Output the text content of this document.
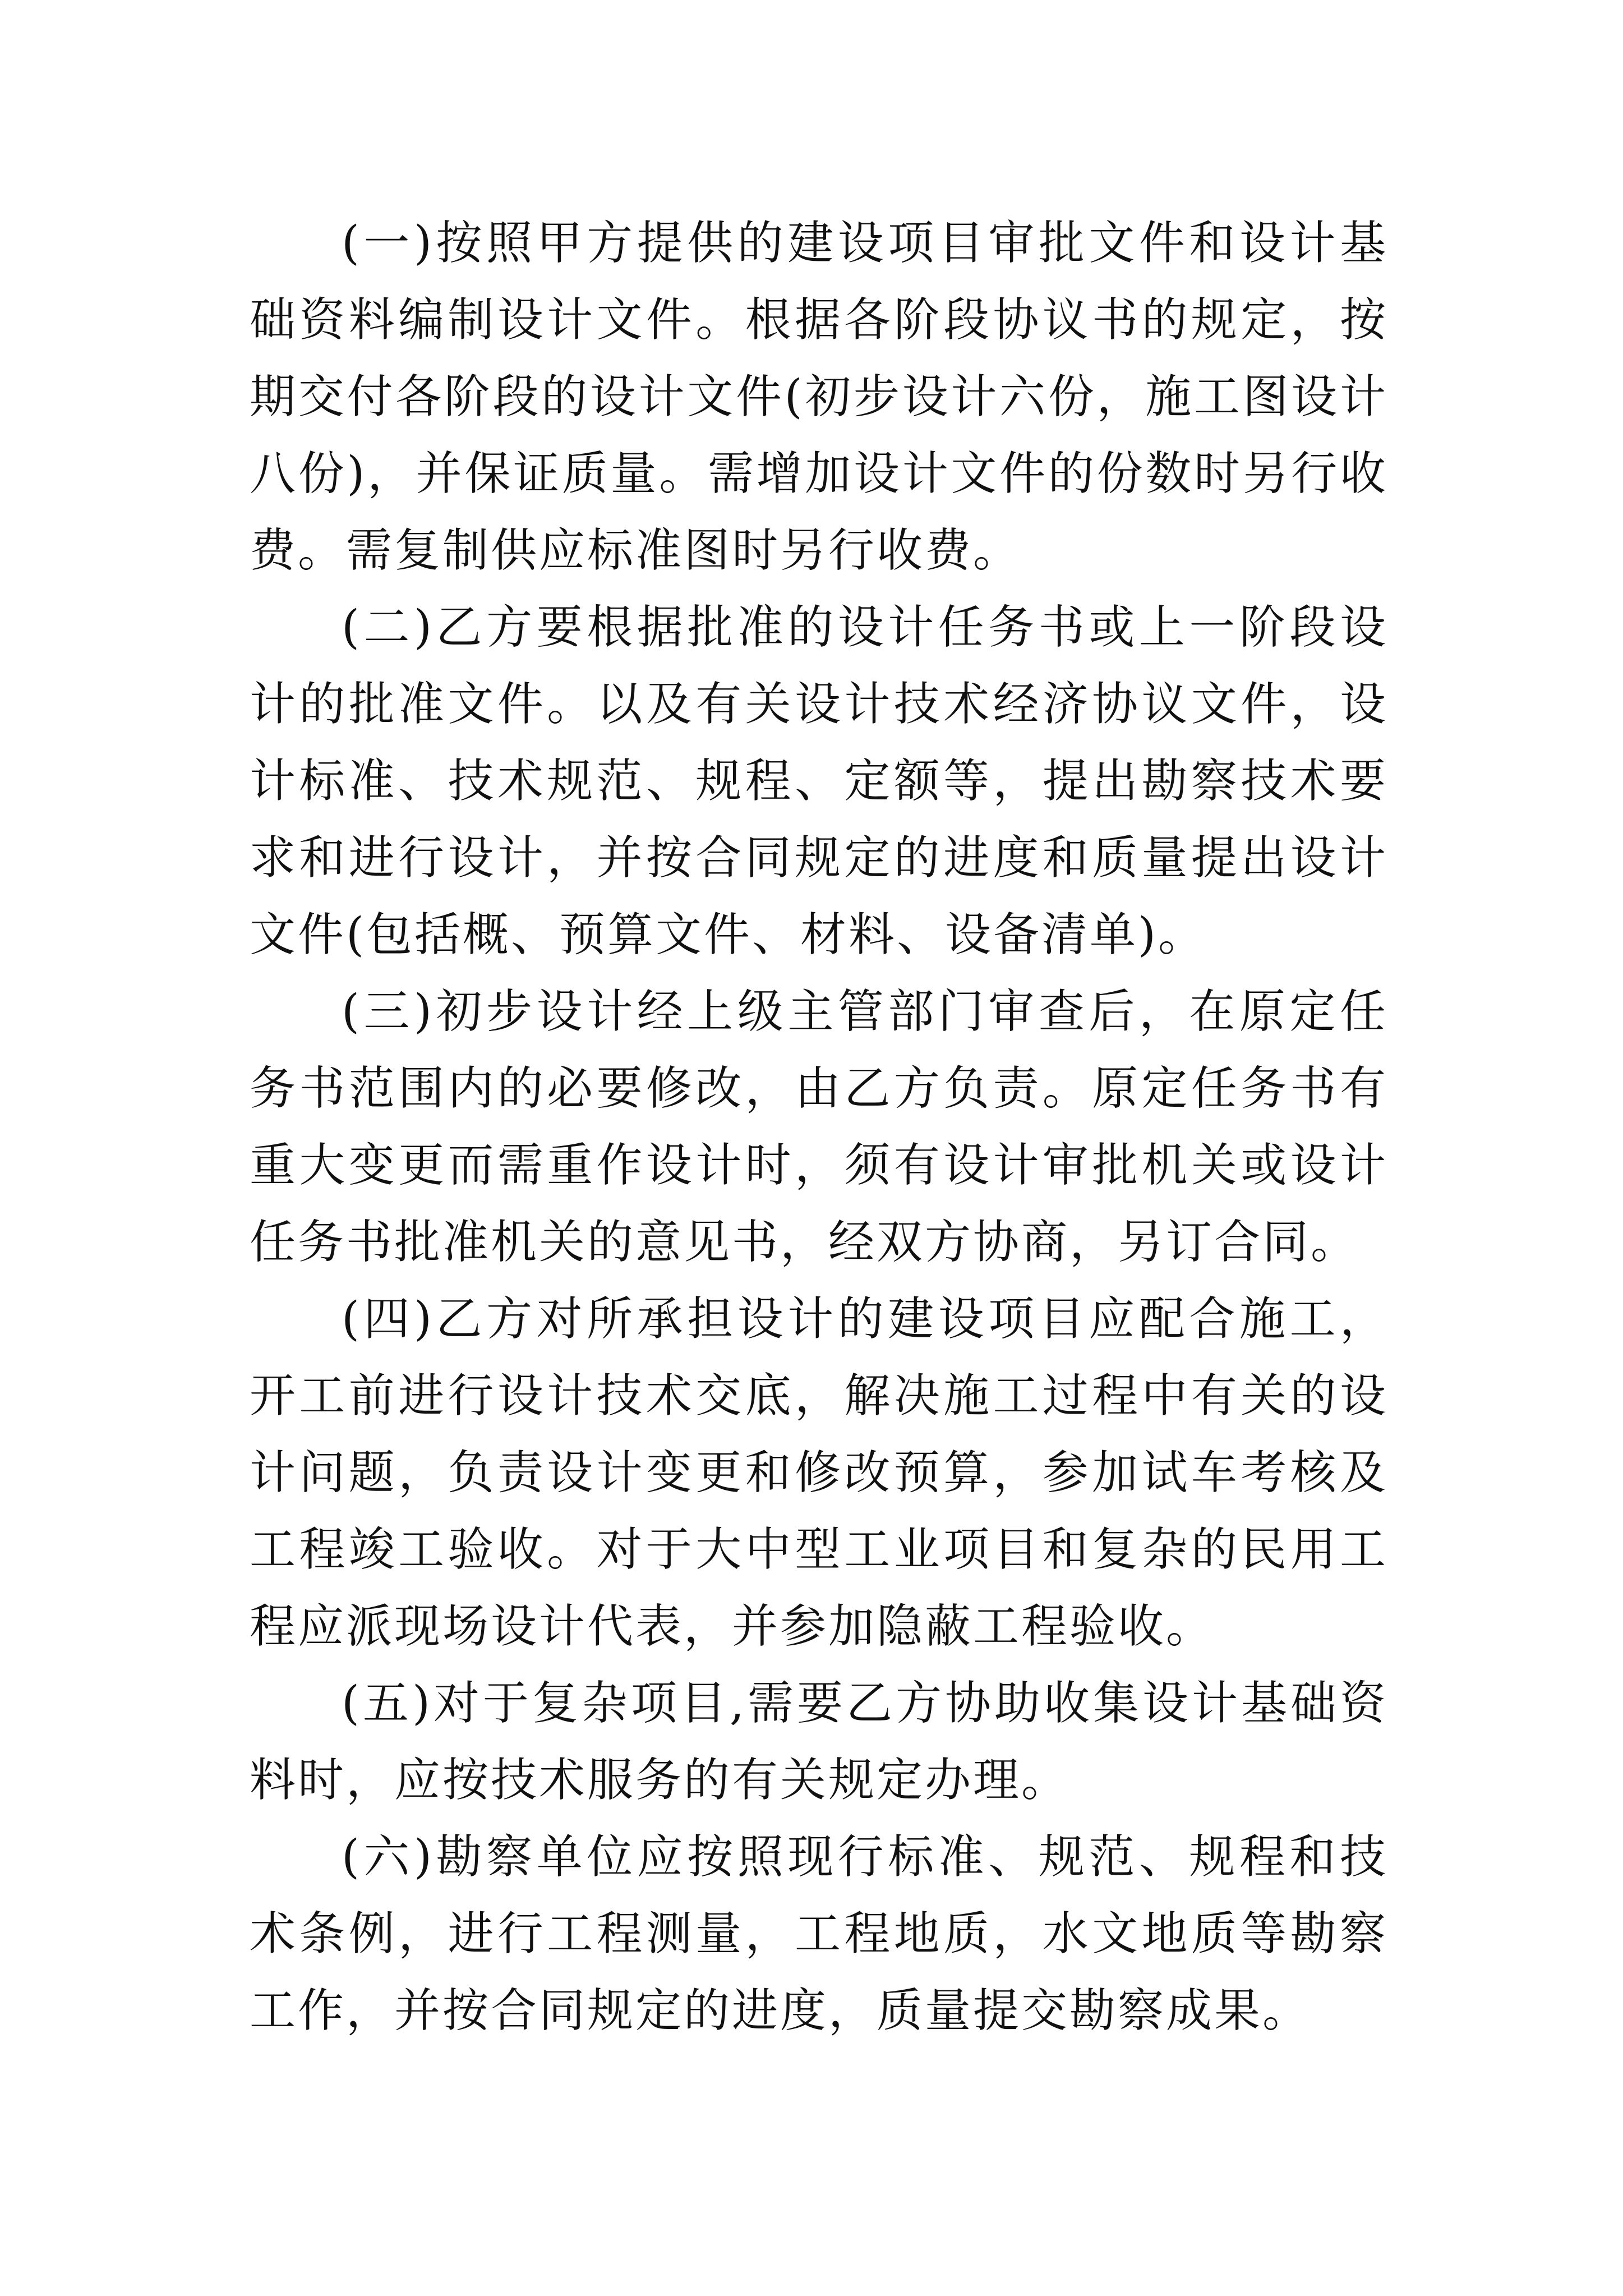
(一)按照甲方提供的建设项目审批文件和设计基础资料编制设计文件。根据各阶段协议书的规定，按期交付各阶段的设计文件(初步设计六份，施工图设计八份)，并保证质量。需增加设计文件的份数时另行收费。需复制供应标准图时另行收费。

(二)乙方要根据批准的设计任务书或上一阶段设计的批准文件。以及有关设计技术经济协议文件，设计标准、技术规范、规程、定额等，提出勘察技术要求和进行设计，并按合同规定的进度和质量提出设计文件(包括概、预算文件、材料、设备清单)。

(三)初步设计经上级主管部门审查后，在原定任务书范围内的必要修改，由乙方负责。原定任务书有重大变更而需重作设计时，须有设计审批机关或设计任务书批准机关的意见书，经双方协商，另订合同。

(四)乙方对所承担设计的建设项目应配合施工，开工前进行设计技术交底，解决施工过程中有关的设计问题，负责设计变更和修改预算，参加试车考核及工程竣工验收。对于大中型工业项目和复杂的民用工程应派现场设计代表，并参加隐蔽工程验收。

(五)对于复杂项目,需要乙方协助收集设计基础资料时，应按技术服务的有关规定办理。

(六)勘察单位应按照现行标准、规范、规程和技术条例，进行工程测量，工程地质，水文地质等勘察工作，并按合同规定的进度，质量提交勘察成果。
